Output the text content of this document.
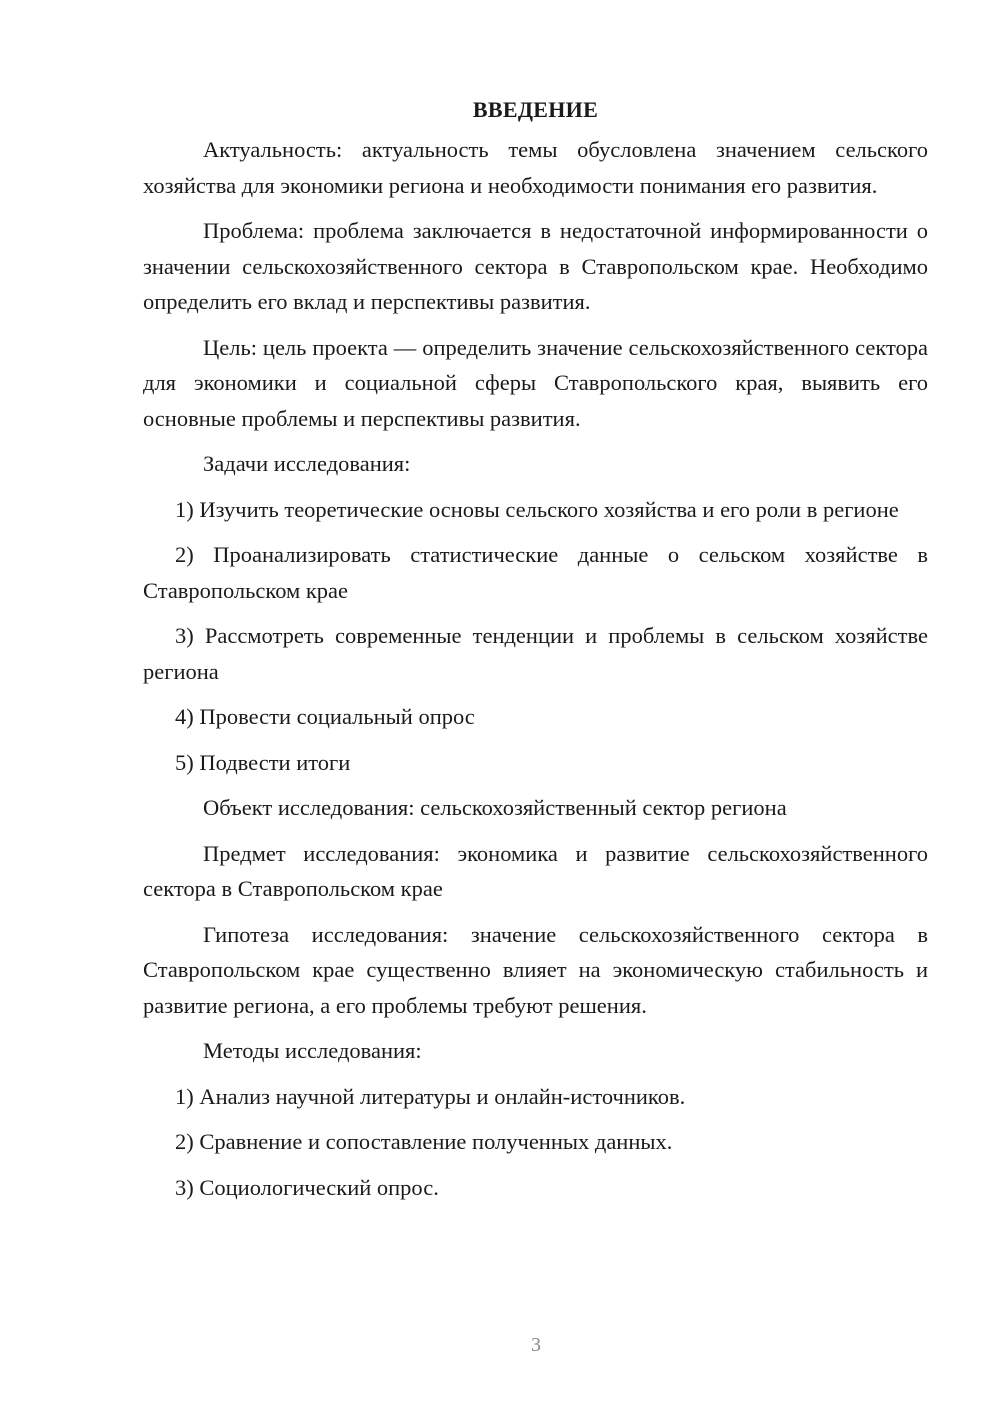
ВВЕДЕНИЕ

Актуальность: актуальность темы обусловлена значением сельского хозяйства для экономики региона и необходимости понимания его развития.

Проблема: проблема заключается в недостаточной информированности о значении сельскохозяйственного сектора в Ставропольском крае. Необходимо определить его вклад и перспективы развития.

Цель: цель проекта — определить значение сельскохозяйственного сектора для экономики и социальной сферы Ставропольского края, выявить его основные проблемы и перспективы развития.

Задачи исследования:

1) Изучить теоретические основы сельского хозяйства и его роли в регионе

2) Проанализировать статистические данные о сельском хозяйстве в Ставропольском крае

3) Рассмотреть современные тенденции и проблемы в сельском хозяйстве региона

4) Провести социальный опрос

5) Подвести итоги

Объект исследования: сельскохозяйственный сектор региона

Предмет исследования: экономика и развитие сельскохозяйственного сектора в Ставропольском крае

Гипотеза исследования: значение сельскохозяйственного сектора в Ставропольском крае существенно влияет на экономическую стабильность и развитие региона, а его проблемы требуют решения.

Методы исследования:

1) Анализ научной литературы и онлайн-источников.

2) Сравнение и сопоставление полученных данных.

3) Социологический опрос.

3
